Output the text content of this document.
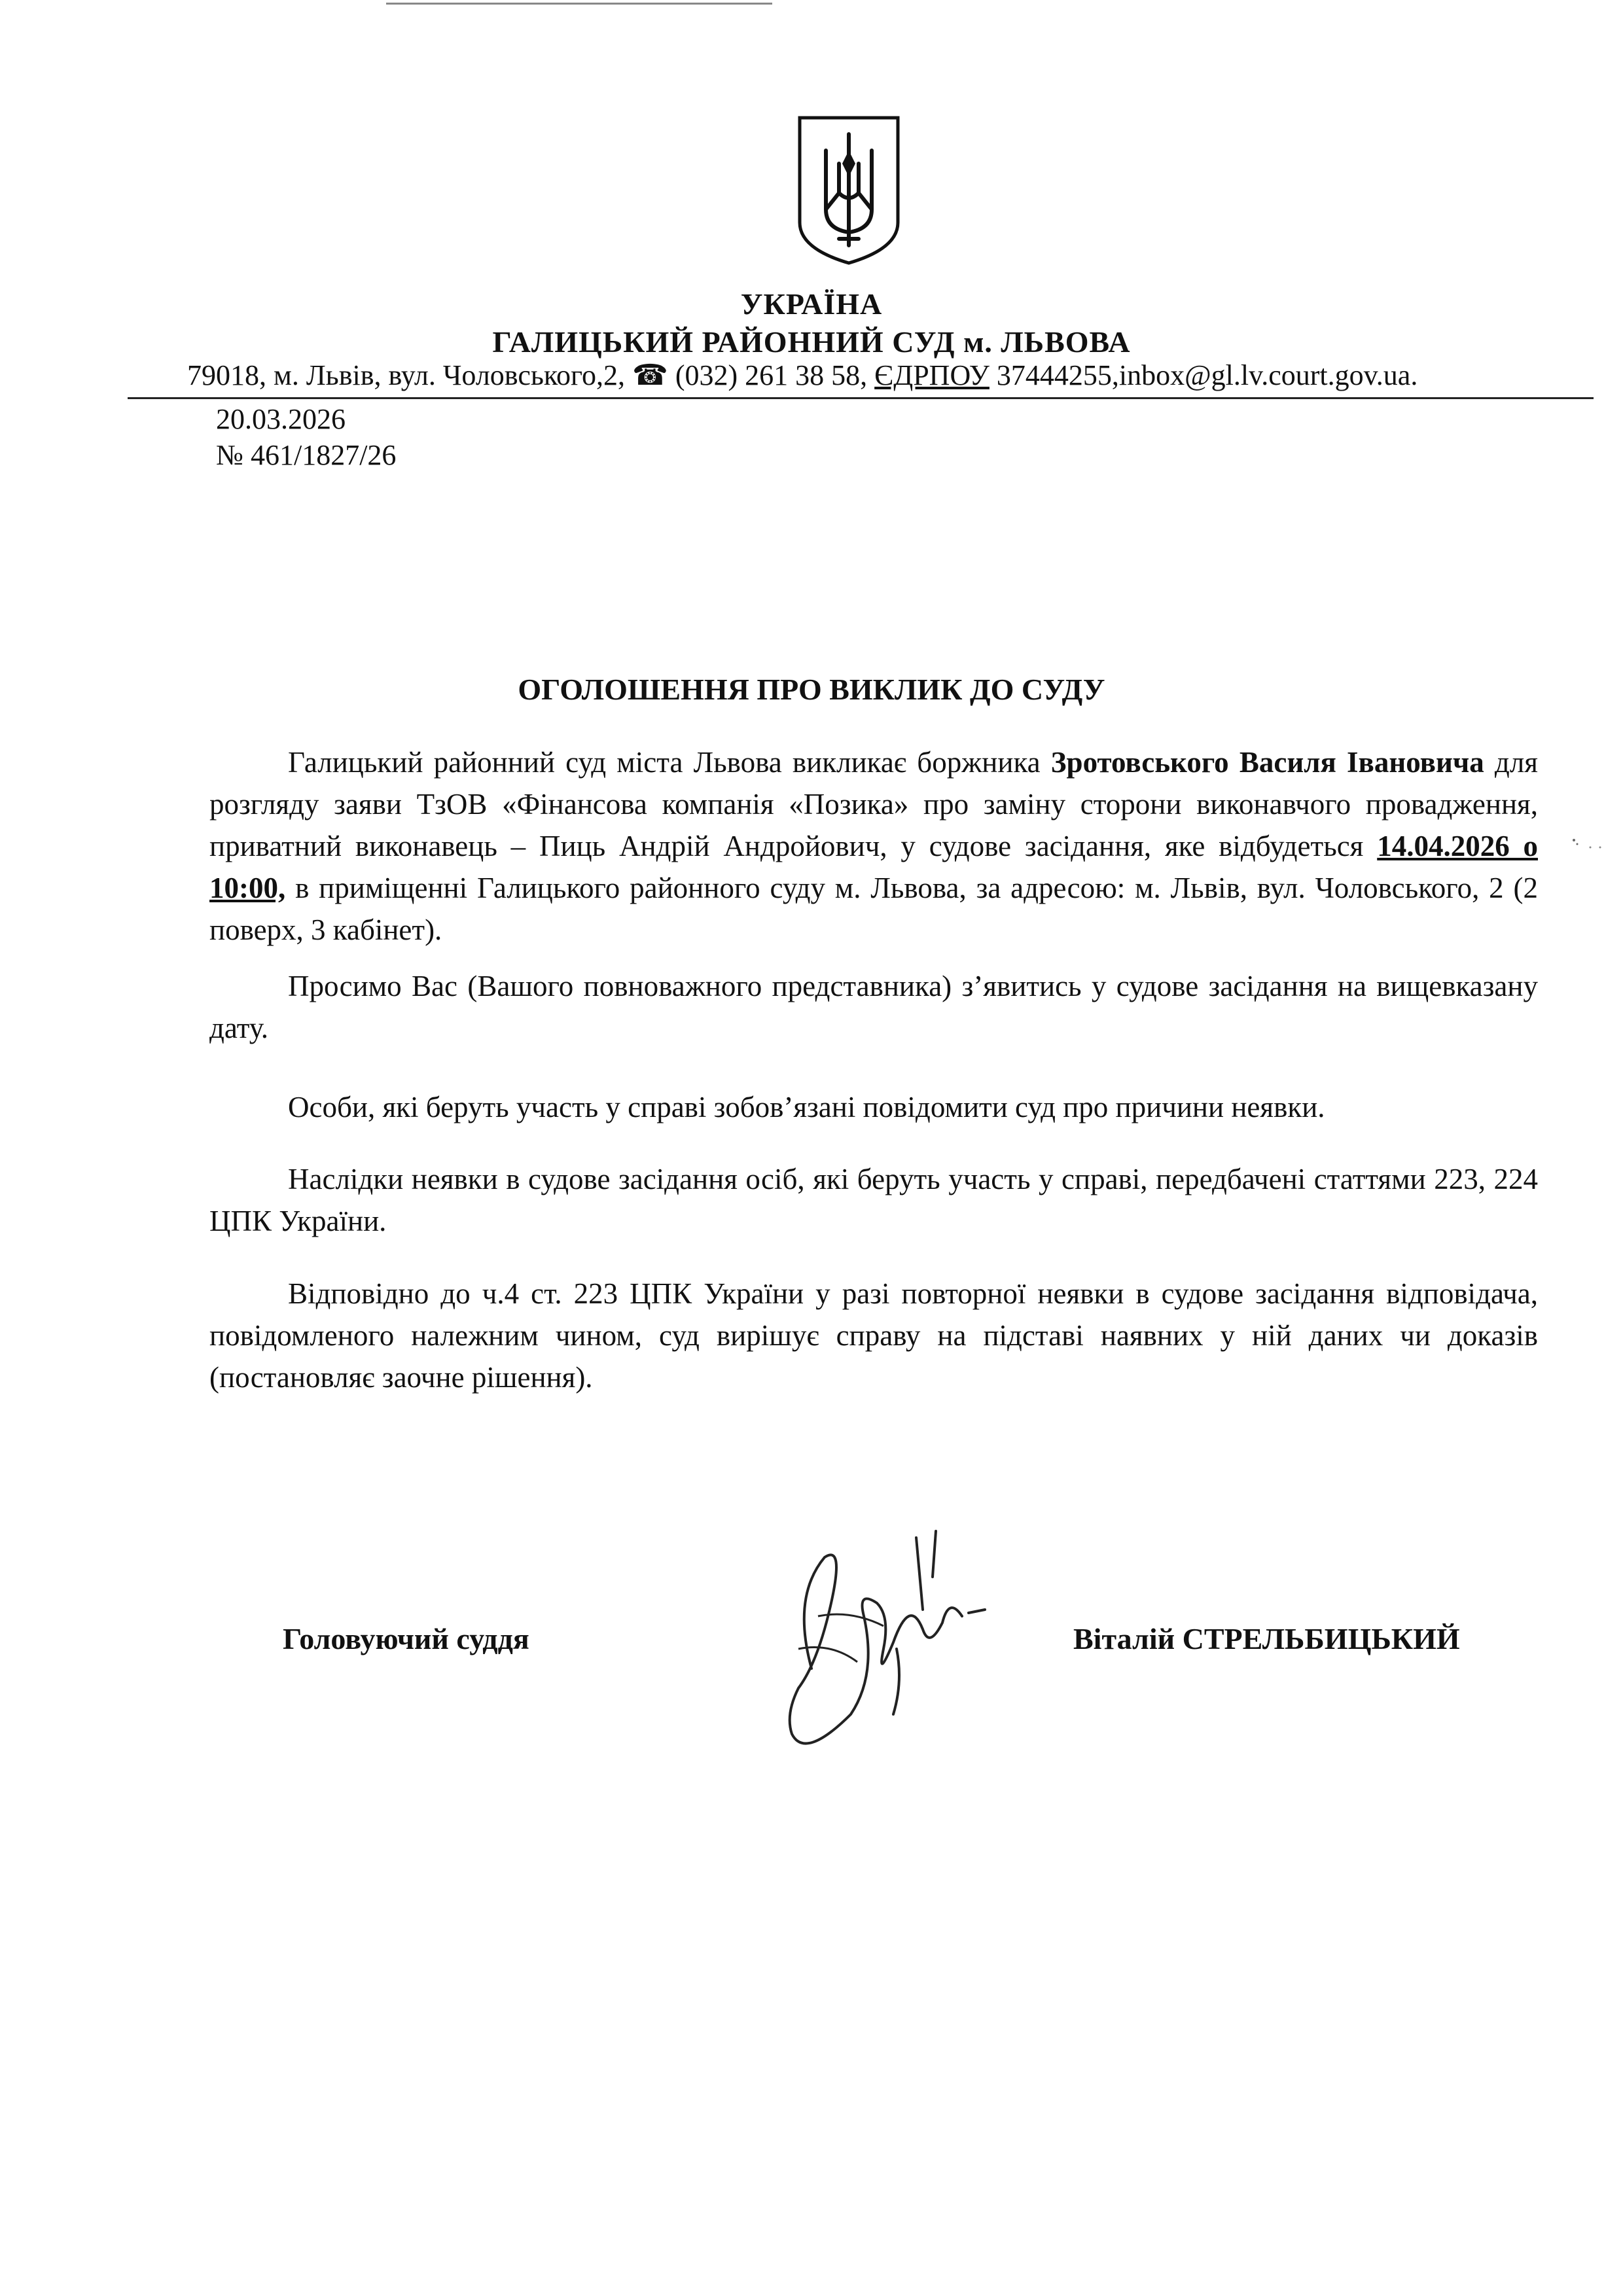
УКРАЇНА
ГАЛИЦЬКИЙ РАЙОННИЙ СУД м. ЛЬВОВА
79018, м. Львів, вул. Чоловського,2, ☎ (032) 261 38 58, ЄДРПОУ 37444255,inbox@gl.lv.court.gov.ua.
20.03.2026
№ 461/1827/26
ОГОЛОШЕННЯ ПРО ВИКЛИК ДО СУДУ
Галицький районний суд міста Львова викликає боржника Зротовського Василя Івановича для розгляду заяви ТзОВ «Фінансова компанія «Позика» про заміну сторони виконавчого провадження, приватний виконавець – Пиць Андрій Андройович, у судове засідання, яке відбудеться 14.04.2026 о 10:00, в приміщенні Галицького районного суду м. Львова, за адресою: м. Львів, вул. Чоловського, 2 (2 поверх, 3 кабінет).
Просимо Вас (Вашого повноважного представника) з’явитись у судове засідання на вищевказану дату.
Особи, які беруть участь у справі зобов’язані повідомити суд про причини неявки.
Наслідки неявки в судове засідання осіб, які беруть участь у справі, передбачені статтями 223, 224 ЦПК України.
Відповідно до ч.4 ст. 223 ЦПК України у разі повторної неявки в судове засідання відповідача, повідомленого належним чином, суд вирішує справу на підставі наявних у ній даних чи доказів (постановляє заочне рішення).
Головуючий суддя	Віталій СТРЕЛЬБИЦЬКИЙ
